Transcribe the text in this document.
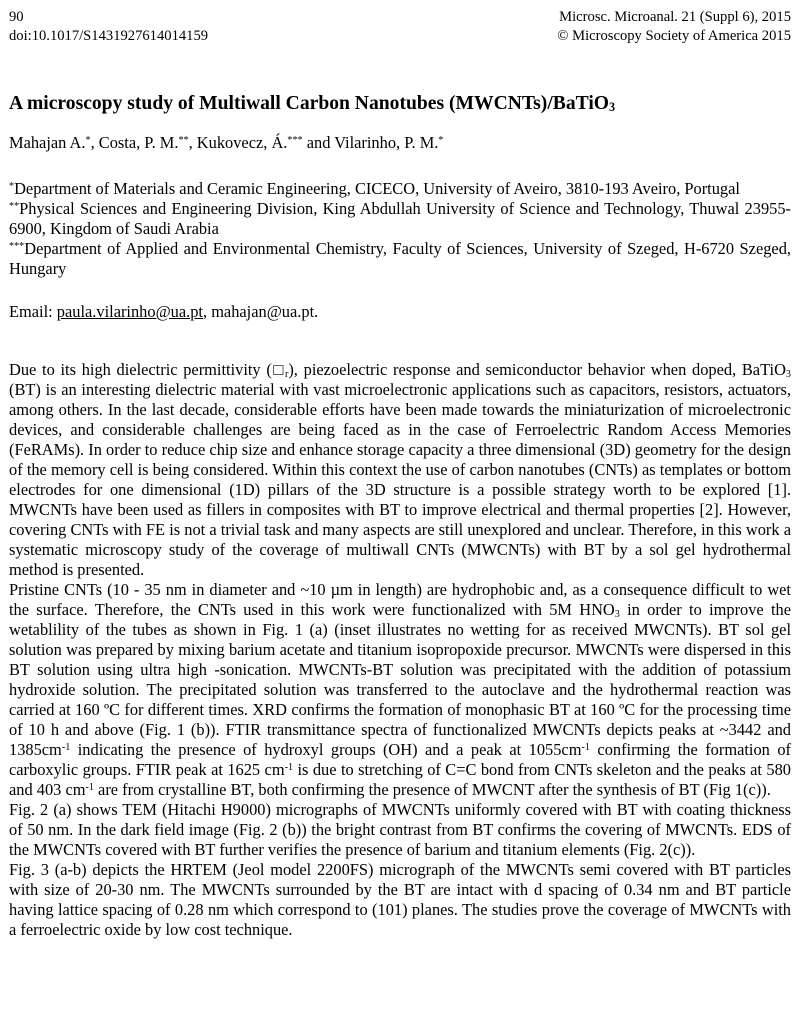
90
doi:10.1017/S1431927614014159
Microsc. Microanal. 21 (Suppl 6), 2015
© Microscopy Society of America 2015
A microscopy study of Multiwall Carbon Nanotubes (MWCNTs)/BaTiO$_3$

Mahajan A.*, Costa, P. M.**, Kukovecz, Á.*** and Vilarinho, P. M.*

*Department of Materials and Ceramic Engineering, CICECO, University of Aveiro, 3810-193 Aveiro, Portugal

**Physical Sciences and Engineering Division, King Abdullah University of Science and Technology, Thuwal 23955-6900, Kingdom of Saudi Arabia

***Department of Applied and Environmental Chemistry, Faculty of Sciences, University of Szeged, H-6720 Szeged, Hungary

Email: paula.vilarinho@ua.pt, mahajan@ua.pt.

Due to its high dielectric permittivity $(□_r)$, piezoelectric response and semiconductor behavior when doped, BaTiO$_3$ (BT) is an interesting dielectric material with vast microelectronic applications such as capacitors, resistors, actuators, among others. In the last decade, considerable efforts have been made towards the miniaturization of microelectronic devices, and considerable challenges are being faced as in the case of Ferroelectric Random Access Memories (FeRAMs). In order to reduce chip size and enhance storage capacity a three dimensional (3D) geometry for the design of the memory cell is being considered. Within this context the use of carbon nanotubes (CNTs) as templates or bottom electrodes for one dimensional (1D) pillars of the 3D structure is a possible strategy worth to be explored [1]. MWCNTs have been used as fillers in composites with BT to improve electrical and thermal properties [2]. However, covering CNTs with FE is not a trivial task and many aspects are still unexplored and unclear. Therefore, in this work a systematic microscopy study of the coverage of multiwall CNTs (MWCNTs) with BT by a sol gel hydrothermal method is presented.

Pristine CNTs (10 - 35 nm in diameter and ~10 µm in length) are hydrophobic and, as a consequence difficult to wet the surface. Therefore, the CNTs used in this work were functionalized with 5M $HNO_3$ in order to improve the wetablility of the tubes as shown in Fig. 1 (a) (inset illustrates no wetting for as received MWCNTs). BT sol gel solution was prepared by mixing barium acetate and titanium isopropoxide precursor. MWCNTs were dispersed in this BT solution using ultra high -sonication. MWCNTs-BT solution was precipitated with the addition of potassium hydroxide solution. The precipitated solution was transferred to the autoclave and the hydrothermal reaction was carried at 160 ºC for different times. XRD confirms the formation of monophasic BT at 160 ºC for the processing time of 10 h and above (Fig. 1 (b)). FTIR transmittance spectra of functionalized MWCNTs depicts peaks at ~3442 and $1385cm^{-1}$ indicating the presence of hydroxyl groups (OH) and a peak at $1055cm^{-1}$ confirming the formation of carboxylic groups. FTIR peak at 1625 $cm^{-1}$ is due to stretching of C=C bond from CNTs skeleton and the peaks at 580 and 403 $cm^{-1}$ are from crystalline BT, both confirming the presence of MWCNT after the synthesis of BT (Fig 1(c)).

Fig. 2 (a) shows TEM (Hitachi H9000) micrographs of MWCNTs uniformly covered with BT with coating thickness of 50 nm. In the dark field image (Fig. 2 (b)) the bright contrast from BT confirms the covering of MWCNTs. EDS of the MWCNTs covered with BT further verifies the presence of barium and titanium elements (Fig. 2(c)).

Fig. 3 (a-b) depicts the HRTEM (Jeol model 2200FS) micrograph of the MWCNTs semi covered with BT particles with size of 20-30 nm. The MWCNTs surrounded by the BT are intact with d spacing of 0.34 nm and BT particle having lattice spacing of 0.28 nm which correspond to (101) planes. The studies prove the coverage of MWCNTs with a ferroelectric oxide by low cost technique.
